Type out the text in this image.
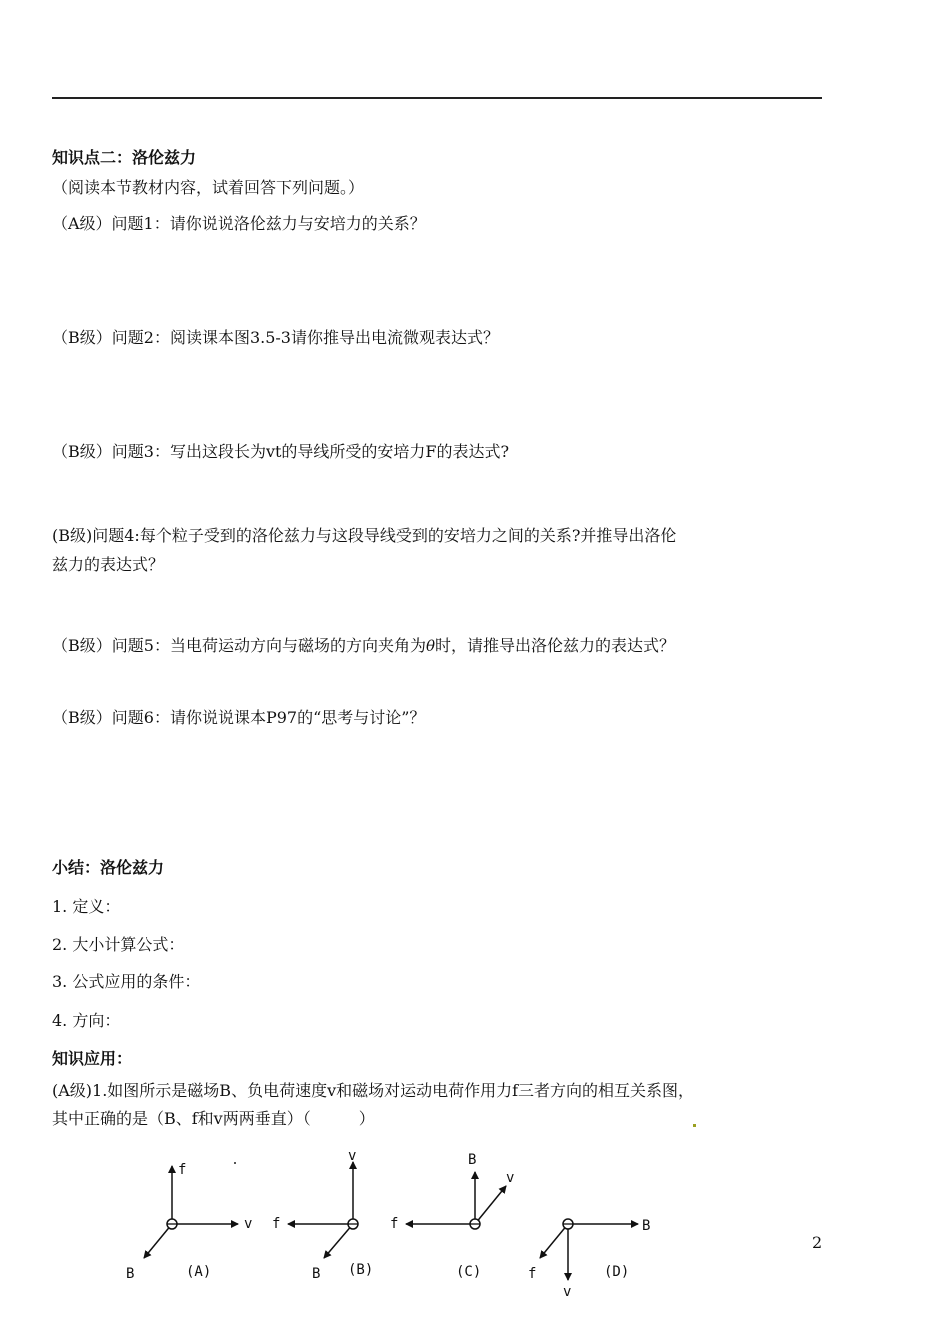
知识点二：洛伦兹力
（阅读本节教材内容，试着回答下列问题。）
（A级）问题1：请你说说洛伦兹力与安培力的关系？
（B级）问题2：阅读课本图3.5-3请你推导出电流微观表达式？
（B级）问题3：写出这段长为vt的导线所受的安培力F的表达式?
(B级)问题4:每个粒子受到的洛伦兹力与这段导线受到的安培力之间的关系?并推导出洛伦
兹力的表达式？
（B级）问题5：当电荷运动方向与磁场的方向夹角为θ时，请推导出洛伦兹力的表达式？
（B级）问题6：请你说说课本P97的“思考与讨论”？
小结：洛伦兹力
1. 定义：
2. 大小计算公式：
3. 公式应用的条件：
4. 方向：
知识应用：
(A级)1.如图所示是磁场B、负电荷速度v和磁场对运动电荷作用力f三者方向的相互关系图，
其中正确的是（B、f和v两两垂直）（　　　）
f
v
B	(A)
v
f
B (B)
B
v
f
(C)
B
f
v
(D)
2
